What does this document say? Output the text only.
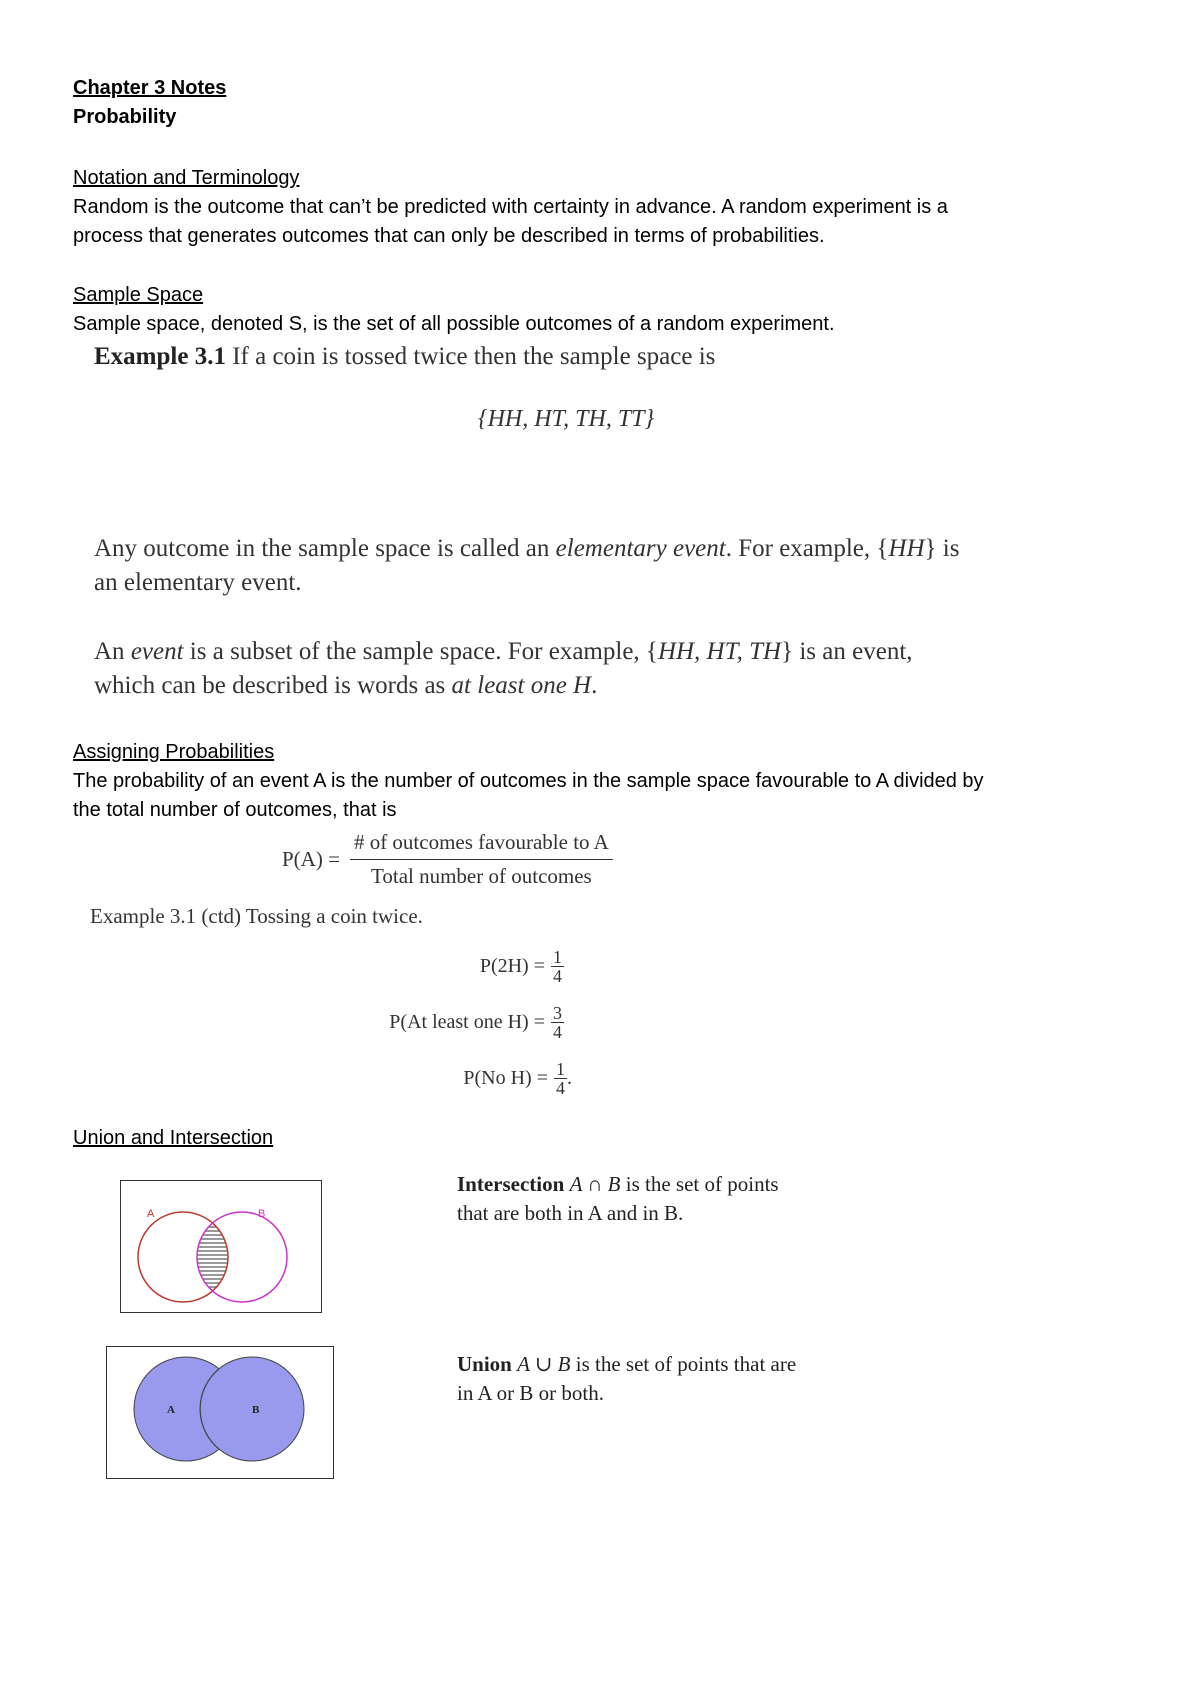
Chapter 3 Notes
Probability
Notation and Terminology
Random is the outcome that can’t be predicted with certainty in advance. A random experiment is a
process that generates outcomes that can only be described in terms of probabilities.
Sample Space
Sample space, denoted S, is the set of all possible outcomes of a random experiment.
Example 3.1 If a coin is tossed twice then the sample space is
{HH, HT, TH, TT}
Any outcome in the sample space is called an elementary event. For example, {HH} is
an elementary event.
An event is a subset of the sample space. For example, {HH, HT, TH} is an event,
which can be described is words as at least one H.
Assigning Probabilities
The probability of an event A is the number of outcomes in the sample space favourable to A divided by
the total number of outcomes, that is
$P(A) = \frac{\text{\# of outcomes favourable to A}}{\text{Total number of outcomes}}$
Example 3.1 (ctd) Tossing a coin twice.
$P(2H) = \frac{1}{4}$
P(At least one $H) = \frac{3}{4}$
P(No $H) = \frac{1}{4}$ .
Union and Intersection
A	B
Intersection A ∩ B is the set of points
that are both in A and in B.
A	B
Union A ∪ B is the set of points that are
in A or B or both.
